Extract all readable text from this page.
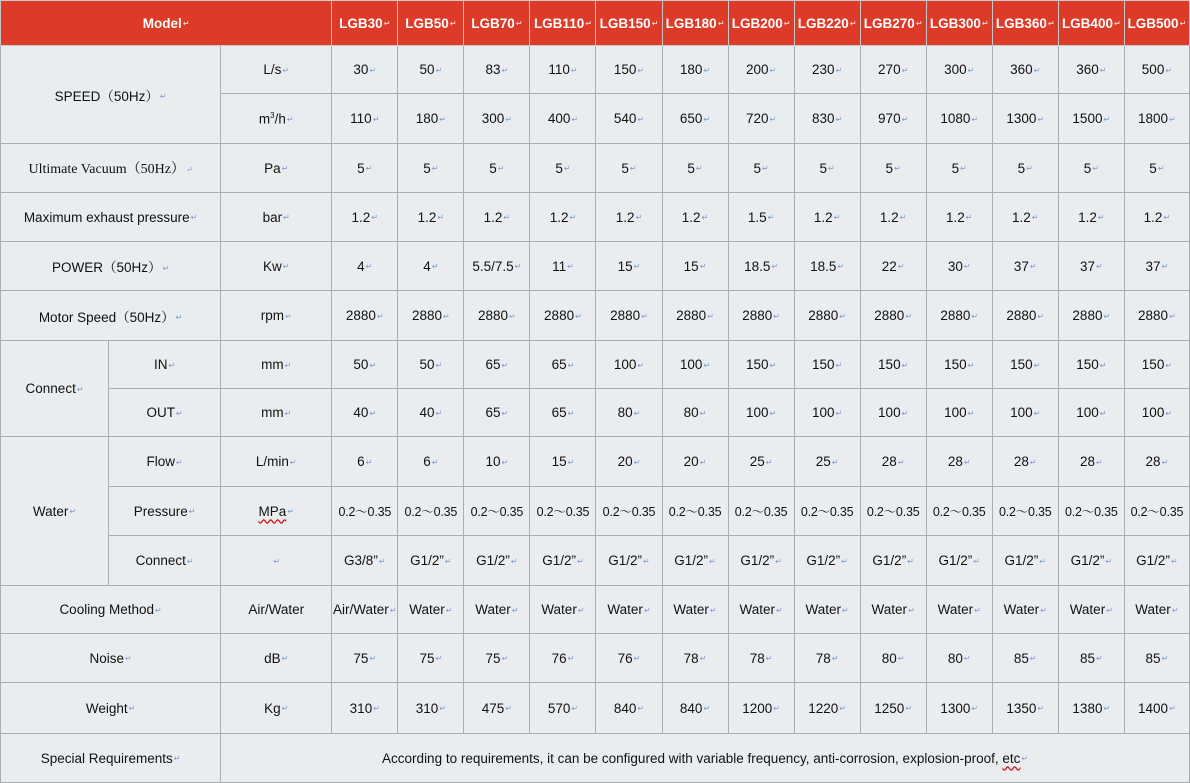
Model↵			LGB30↵	LGB50↵	LGB70↵	LGB110↵	LGB150↵	LGB180↵	LGB200↵	LGB220↵	LGB270↵	LGB300↵	LGB360↵	LGB400↵	LGB500↵
SPEED（50Hz）↵		L/s↵	30↵	50↵	83↵	110↵	150↵	180↵	200↵	230↵	270↵	300↵	360↵	360↵	500↵
		$m^3/h↵$	110↵	180↵	300↵	400↵	540↵	650↵	720↵	830↵	970↵	1080↵	1300↵	1500↵	1800↵
Ultimate Vacuum（50Hz）↵		Pa↵	5↵	5↵	5↵	5↵	5↵	5↵	5↵	5↵	5↵	5↵	5↵	5↵	5↵
Maximum exhaust pressure↵		bar↵	1.2↵	1.2↵	1.2↵	1.2↵	1.2↵	1.2↵	1.5↵	1.2↵	1.2↵	1.2↵	1.2↵	1.2↵	1.2↵
POWER（50Hz）↵		Kw↵	4↵	4↵	5.5/7.5↵	11↵	15↵	15↵	18.5↵	18.5↵	22↵	30↵	37↵	37↵	37↵
Motor Speed（50Hz）↵		rpm↵	2880↵	2880↵	2880↵	2880↵	2880↵	2880↵	2880↵	2880↵	2880↵	2880↵	2880↵	2880↵	2880↵
Connect↵	IN↵	mm↵	50↵	50↵	65↵	65↵	100↵	100↵	150↵	150↵	150↵	150↵	150↵	150↵	150↵
	OUT↵	mm↵	40↵	40↵	65↵	65↵	80↵	80↵	100↵	100↵	100↵	100↵	100↵	100↵	100↵
Water↵	Flow↵	L/min↵	6↵	6↵	10↵	15↵	20↵	20↵	25↵	25↵	28↵	28↵	28↵	28↵	28↵
	Pressure↵	MPa↵	0.2～0.35	0.2～0.35	0.2～0.35	0.2～0.35	0.2～0.35	0.2～0.35	0.2～0.35	0.2～0.35	0.2～0.35	0.2～0.35	0.2～0.35	0.2～0.35	0.2～0.35
	Connect↵	↵	G3/8”↵	G1/2”↵	G1/2”↵	G1/2”↵	G1/2”↵	G1/2”↵	G1/2”↵	G1/2”↵	G1/2”↵	G1/2”↵	G1/2”↵	G1/2”↵	G1/2”↵
Cooling Method↵		Air/Water	Air/Water↵	Water↵	Water↵	Water↵	Water↵	Water↵	Water↵	Water↵	Water↵	Water↵	Water↵	Water↵	Water↵
Noise↵		dB↵	75↵	75↵	75↵	76↵	76↵	78↵	78↵	78↵	80↵	80↵	85↵	85↵	85↵
Weight↵		Kg↵	310↵	310↵	475↵	570↵	840↵	840↵	1200↵	1220↵	1250↵	1300↵	1350↵	1380↵	1400↵
Special Requirements↵		According to requirements, it can be configured with variable frequency, anti-corrosion, explosion-proof, etc↵													
